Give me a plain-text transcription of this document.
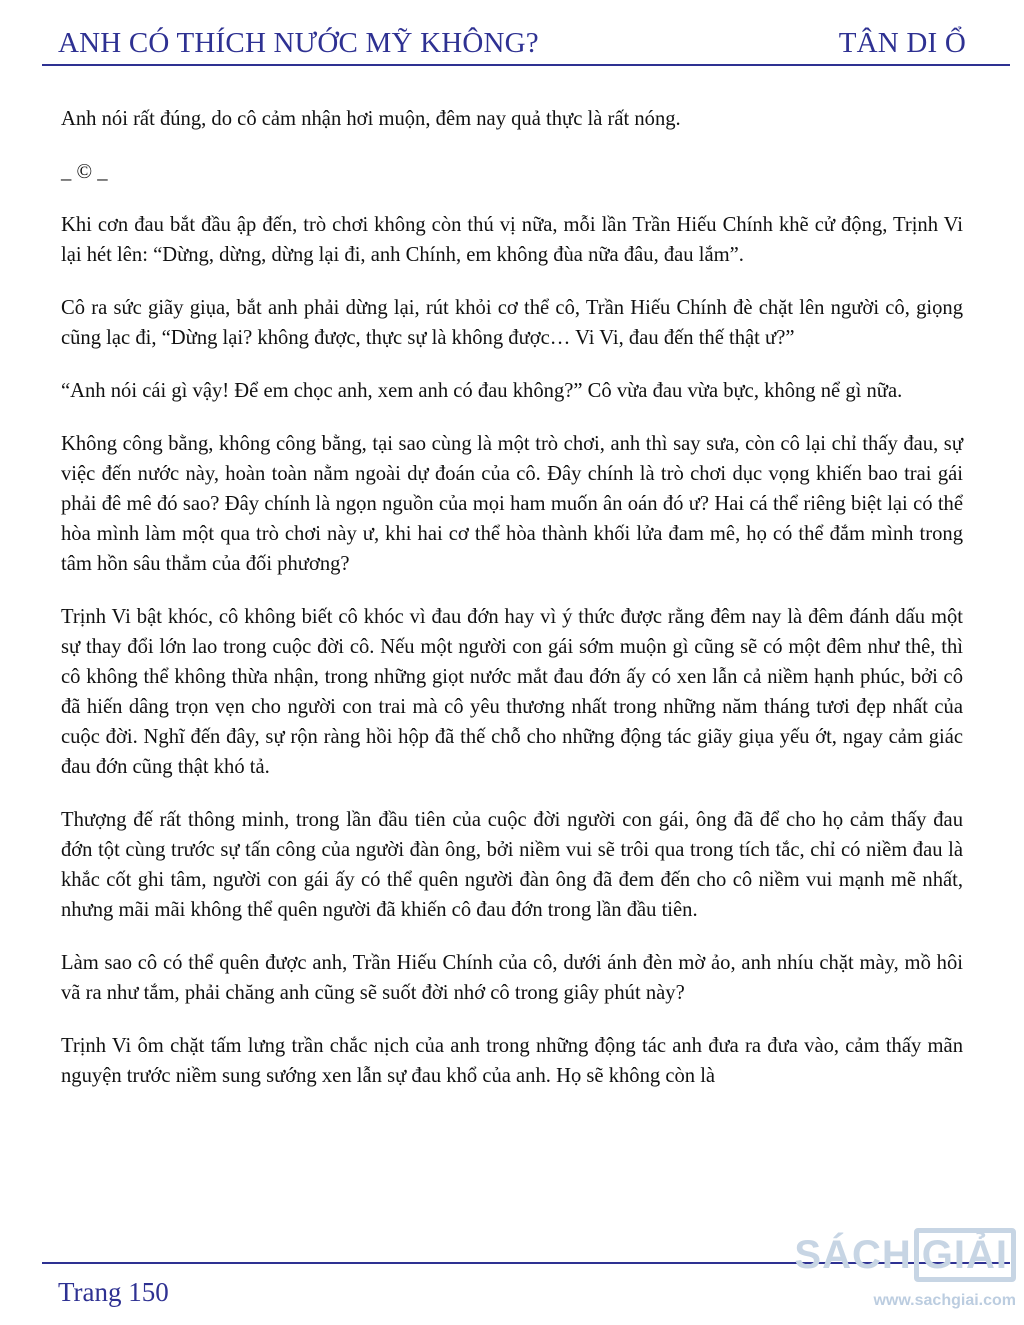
ANH CÓ THÍCH NƯỚC MỸ KHÔNG?	TÂN DI Ổ

Anh nói rất đúng, do cô cảm nhận hơi muộn, đêm nay quả thực là rất nóng.

_ © _

Khi cơn đau bắt đầu ập đến, trò chơi không còn thú vị nữa, mỗi lần Trần Hiếu Chính khẽ cử động, Trịnh Vi lại hét lên: “Dừng, dừng, dừng lại đi, anh Chính, em không đùa nữa đâu, đau lắm”.

Cô ra sức giãy giụa, bắt anh phải dừng lại, rút khỏi cơ thể cô, Trần Hiếu Chính đè chặt lên người cô, giọng cũng lạc đi, “Dừng lại? không được, thực sự là không được… Vi Vi, đau đến thế thật ư?”

“Anh nói cái gì vậy! Để em chọc anh, xem anh có đau không?” Cô vừa đau vừa bực, không nể gì nữa.

Không công bằng, không công bằng, tại sao cùng là một trò chơi, anh thì say sưa, còn cô lại chỉ thấy đau, sự việc đến nước này, hoàn toàn nằm ngoài dự đoán của cô. Đây chính là trò chơi dục vọng khiến bao trai gái phải đê mê đó sao? Đây chính là ngọn nguồn của mọi ham muốn ân oán đó ư? Hai cá thể riêng biệt lại có thể hòa mình làm một qua trò chơi này ư, khi hai cơ thể hòa thành khối lửa đam mê, họ có thể đắm mình trong tâm hồn sâu thẳm của đối phương?

Trịnh Vi bật khóc, cô không biết cô khóc vì đau đớn hay vì ý thức được rằng đêm nay là đêm đánh dấu một sự thay đổi lớn lao trong cuộc đời cô. Nếu một người con gái sớm muộn gì cũng sẽ có một đêm như thê, thì cô không thể không thừa nhận, trong những giọt nước mắt đau đớn ấy có xen lẫn cả niềm hạnh phúc, bởi cô đã hiến dâng trọn vẹn cho người con trai mà cô yêu thương nhất trong những năm tháng tươi đẹp nhất của cuộc đời. Nghĩ đến đây, sự rộn ràng hồi hộp đã thế chỗ cho những động tác giãy giụa yếu ớt, ngay cảm giác đau đớn cũng thật khó tả.

Thượng đế rất thông minh, trong lần đầu tiên của cuộc đời người con gái, ông đã để cho họ cảm thấy đau đớn tột cùng trước sự tấn công của người đàn ông, bởi niềm vui sẽ trôi qua trong tích tắc, chỉ có niềm đau là khắc cốt ghi tâm, người con gái ấy có thể quên người đàn ông đã đem đến cho cô niềm vui mạnh mẽ nhất, nhưng mãi mãi không thể quên người đã khiến cô đau đớn trong lần đầu tiên.

Làm sao cô có thể quên được anh, Trần Hiếu Chính của cô, dưới ánh đèn mờ ảo, anh nhíu chặt mày, mồ hôi vã ra như tắm, phải chăng anh cũng sẽ suốt đời nhớ cô trong giây phút này?

Trịnh Vi ôm chặt tấm lưng trần chắc nịch của anh trong những động tác anh đưa ra đưa vào, cảm thấy mãn nguyện trước niềm sung sướng xen lẫn sự đau khổ của anh. Họ sẽ không còn là

Trang 150
SÁCH GIẢI
www.sachgiai.com
